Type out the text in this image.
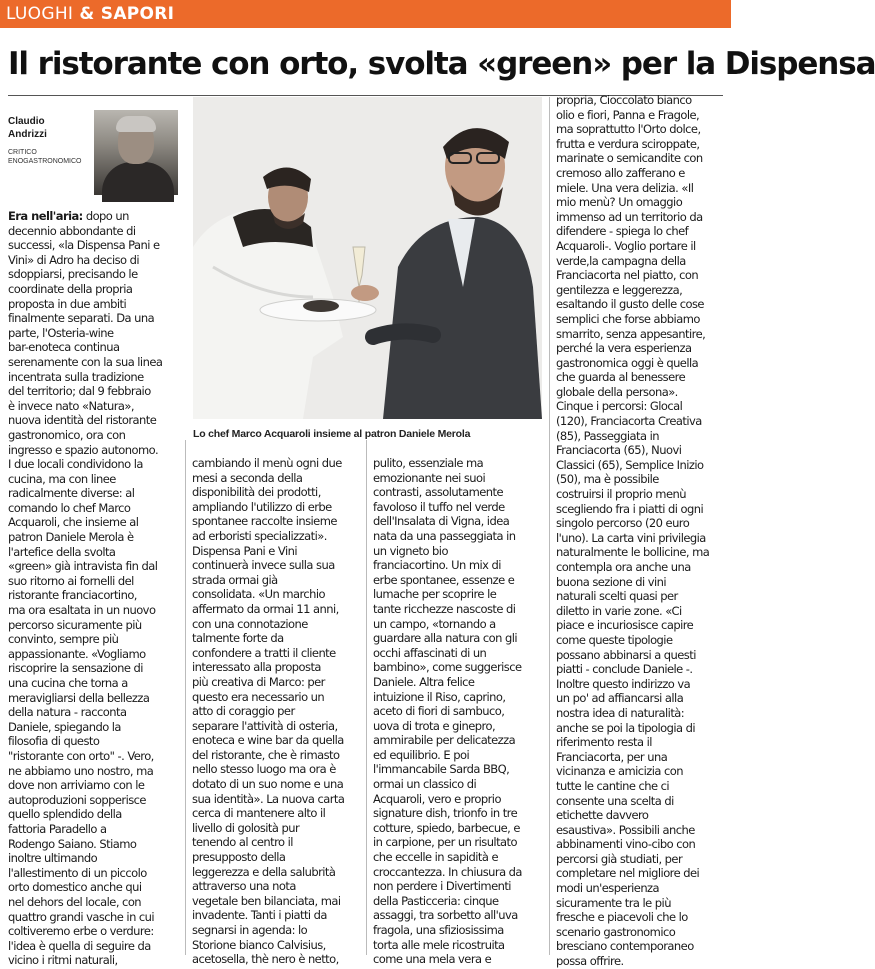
LUOGHI & SAPORI
Il ristorante con orto, svolta «green» per la Dispensa
Claudio
Andrizzi
CRITICO
ENOGASTRONOMICO
Lo chef Marco Acquaroli insieme al patron Daniele Merola
Era nell'aria: dopo un
decennio abbondante di
successi, «la Dispensa Pani e
Vini» di Adro ha deciso di
sdoppiarsi, precisando le
coordinate della propria
proposta in due ambiti
finalmente separati. Da una
parte, l'Osteria-wine
bar-enoteca continua
serenamente con la sua linea
incentrata sulla tradizione
del territorio; dal 9 febbraio
è invece nato «Natura»,
nuova identità del ristorante
gastronomico, ora con
ingresso e spazio autonomo.
I due locali condividono la
cucina, ma con linee
radicalmente diverse: al
comando lo chef Marco
Acquaroli, che insieme al
patron Daniele Merola è
l'artefice della svolta
«green» già intravista fin dal
suo ritorno ai fornelli del
ristorante franciacortino,
ma ora esaltata in un nuovo
percorso sicuramente più
convinto, sempre più
appassionante. «Vogliamo
riscoprire la sensazione di
una cucina che torna a
meravigliarsi della bellezza
della natura - racconta
Daniele, spiegando la
filosofia di questo
"ristorante con orto" -. Vero,
ne abbiamo uno nostro, ma
dove non arriviamo con le
autoproduzioni sopperisce
quello splendido della
fattoria Paradello a
Rodengo Saiano. Stiamo
inoltre ultimando
l'allestimento di un piccolo
orto domestico anche qui
nel dehors del locale, con
quattro grandi vasche in cui
coltiveremo erbe o verdure:
l'idea è quella di seguire da
vicino i ritmi naturali,
cambiando il menù ogni due
mesi a seconda della
disponibilità dei prodotti,
ampliando l'utilizzo di erbe
spontanee raccolte insieme
ad erboristi specializzati».
Dispensa Pani e Vini
continuerà invece sulla sua
strada ormai già
consolidata. «Un marchio
affermato da ormai 11 anni,
con una connotazione
talmente forte da
confondere a tratti il cliente
interessato alla proposta
più creativa di Marco: per
questo era necessario un
atto di coraggio per
separare l'attività di osteria,
enoteca e wine bar da quella
del ristorante, che è rimasto
nello stesso luogo ma ora è
dotato di un suo nome e una
sua identità». La nuova carta
cerca di mantenere alto il
livello di golosità pur
tenendo al centro il
presupposto della
leggerezza e della salubrità
attraverso una nota
vegetale ben bilanciata, mai
invadente. Tanti i piatti da
segnarsi in agenda: lo
Storione bianco Calvisius,
acetosella, thè nero è netto,
pulito, essenziale ma
emozionante nei suoi
contrasti, assolutamente
favoloso il tuffo nel verde
dell'Insalata di Vigna, idea
nata da una passeggiata in
un vigneto bio
franciacortino. Un mix di
erbe spontanee, essenze e
lumache per scoprire le
tante ricchezze nascoste di
un campo, «tornando a
guardare alla natura con gli
occhi affascinati di un
bambino», come suggerisce
Daniele. Altra felice
intuizione il Riso, caprino,
aceto di fiori di sambuco,
uova di trota e ginepro,
ammirabile per delicatezza
ed equilibrio. E poi
l'immancabile Sarda BBQ,
ormai un classico di
Acquaroli, vero e proprio
signature dish, trionfo in tre
cotture, spiedo, barbecue, e
in carpione, per un risultato
che eccelle in sapidità e
croccantezza. In chiusura da
non perdere i Divertimenti
della Pasticceria: cinque
assaggi, tra sorbetto all'uva
fragola, una sfiziosissima
torta alle mele ricostruita
come una mela vera e
propria, Cioccolato bianco
olio e fiori, Panna e Fragole,
ma soprattutto l'Orto dolce,
frutta e verdura sciroppate,
marinate o semicandite con
cremoso allo zafferano e
miele. Una vera delizia. «Il
mio menù? Un omaggio
immenso ad un territorio da
difendere - spiega lo chef
Acquaroli-. Voglio portare il
verde,la campagna della
Franciacorta nel piatto, con
gentilezza e leggerezza,
esaltando il gusto delle cose
semplici che forse abbiamo
smarrito, senza appesantire,
perché la vera esperienza
gastronomica oggi è quella
che guarda al benessere
globale della persona».
Cinque i percorsi: Glocal
(120), Franciacorta Creativa
(85), Passeggiata in
Franciacorta (65), Nuovi
Classici (65), Semplice Inizio
(50), ma è possibile
costruirsi il proprio menù
scegliendo fra i piatti di ogni
singolo percorso (20 euro
l'uno). La carta vini privilegia
naturalmente le bollicine, ma
contempla ora anche una
buona sezione di vini
naturali scelti quasi per
diletto in varie zone. «Ci
piace e incuriosisce capire
come queste tipologie
possano abbinarsi a questi
piatti - conclude Daniele -.
Inoltre questo indirizzo va
un po' ad affiancarsi alla
nostra idea di naturalità:
anche se poi la tipologia di
riferimento resta il
Franciacorta, per una
vicinanza e amicizia con
tutte le cantine che ci
consente una scelta di
etichette davvero
esaustiva». Possibili anche
abbinamenti vino-cibo con
percorsi già studiati, per
completare nel migliore dei
modi un'esperienza
sicuramente tra le più
fresche e piacevoli che lo
scenario gastronomico
bresciano contemporaneo
possa offrire.
